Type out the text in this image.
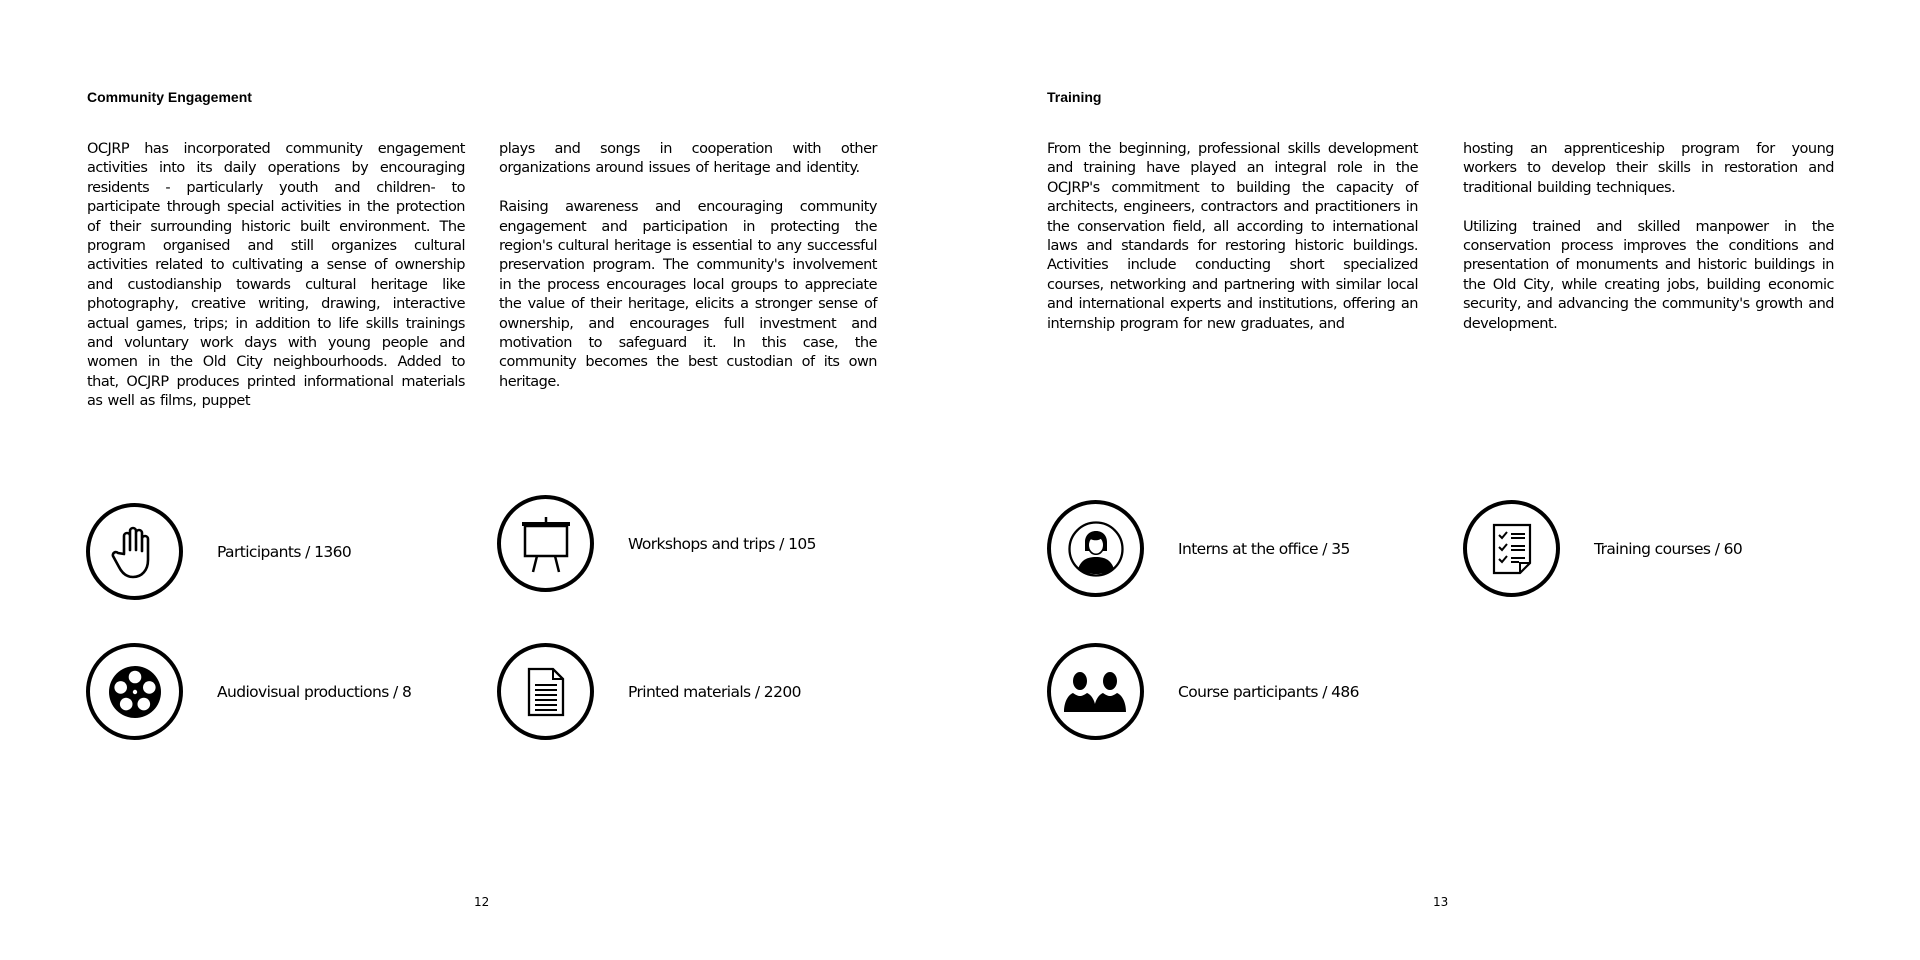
Community Engagement

OCJRP has incorporated community engagement activities into its daily operations by encouraging residents - particularly youth and children- to participate through special activities in the protection of their surrounding historic built environment. The program organised and still organizes cultural activities related to cultivating a sense of ownership and custodianship towards cultural heritage like photography, creative writing, drawing, interactive actual games, trips; in addition to life skills trainings and voluntary work days with young people and women in the Old City neighbourhoods. Added to that, OCJRP produces printed informational materials as well as films, puppet

plays and songs in cooperation with other organizations around issues of heritage and identity.

Raising awareness and encouraging community engagement and participation in protecting the region's cultural heritage is essential to any successful preservation program. The community's involvement in the process encourages local groups to appreciate the value of their heritage, elicits a stronger sense of ownership, and encourages full investment and motivation to safeguard it. In this case, the community becomes the best custodian of its own heritage.

Participants / 1360	Workshops and trips / 105
Audiovisual productions / 8	Printed materials / 2200
12
Training

From the beginning, professional skills development and training have played an integral role in the OCJRP's commitment to building the capacity of architects, engineers, contractors and practitioners in the conservation field, all according to international laws and standards for restoring historic buildings. Activities include conducting short specialized courses, networking and partnering with similar local and international experts and institutions, offering an internship program for new graduates, and

hosting an apprenticeship program for young workers to develop their skills in restoration and traditional building techniques.

Utilizing trained and skilled manpower in the conservation process improves the conditions and presentation of monuments and historic buildings in the Old City, while creating jobs, building economic security, and advancing the community's growth and development.

Interns at the office / 35	Training courses / 60
Course participants / 486
13
